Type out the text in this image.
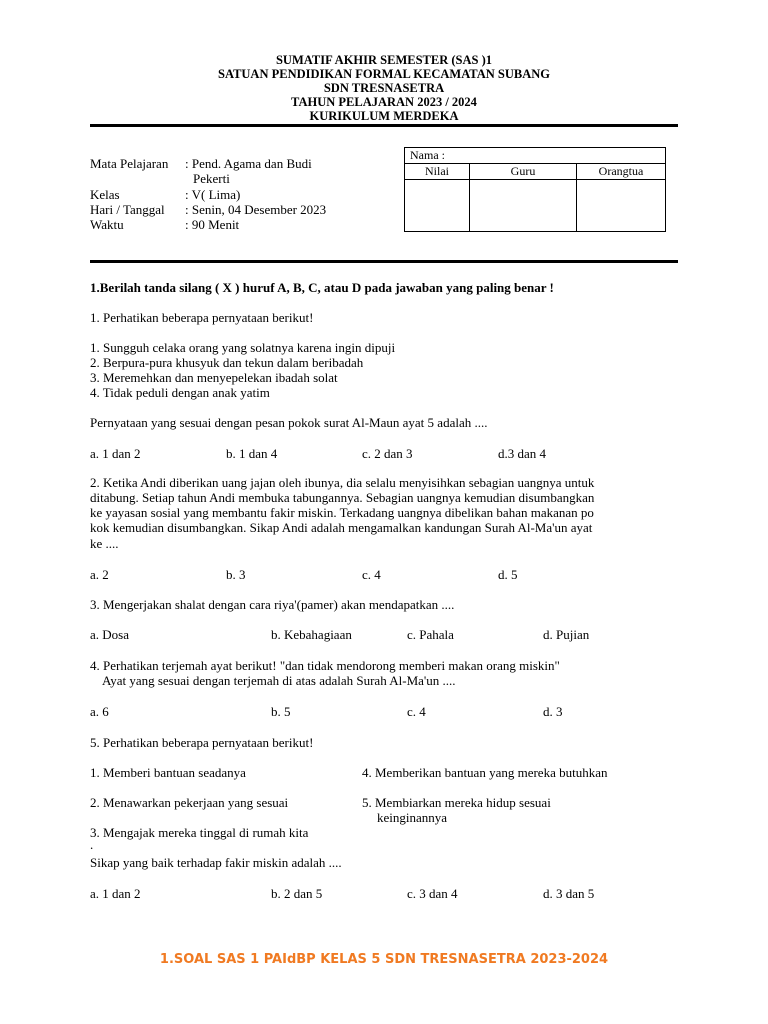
SUMATIF AKHIR SEMESTER (SAS )1
SATUAN PENDIDIKAN FORMAL KECAMATAN SUBANG
SDN TRESNASETRA
TAHUN PELAJARAN 2023 / 2024
KURIKULUM MERDEKA
Mata Pelajaran : Pend. Agama dan Budi
Pekerti
Kelas	: V( Lima)
Hari / Tanggal : Senin, 04 Desember 2023
Waktu	: 90 Menit
Nama :		
Nilai	Guru	Orangtua

1.Berilah tanda silang ( X ) huruf A, B, C, atau D pada jawaban yang paling benar !
1. Perhatikan beberapa pernyataan berikut!
1. Sungguh celaka orang yang solatnya karena ingin dipuji
2. Berpura-pura khusyuk dan tekun dalam beribadah
3. Meremehkan dan menyepelekan ibadah solat
4. Tidak peduli dengan anak yatim
Pernyataan yang sesuai dengan pesan pokok surat Al-Maun ayat 5 adalah ....
a. 1 dan 2	b. 1 dan 4	c. 2 dan 3	d.3 dan 4
2. Ketika Andi diberikan uang jajan oleh ibunya, dia selalu menyisihkan sebagian uangnya untuk
ditabung. Setiap tahun Andi membuka tabungannya. Sebagian uangnya kemudian disumbangkan
ke yayasan sosial yang membantu fakir miskin. Terkadang uangnya dibelikan bahan makanan po
kok kemudian disumbangkan. Sikap Andi adalah mengamalkan kandungan Surah Al-Ma'un ayat
ke ....
a. 2	b. 3	c. 4	d. 5
3. Mengerjakan shalat dengan cara riya'(pamer) akan mendapatkan ....
a. Dosa	b. Kebahagiaan	c. Pahala	d. Pujian
4. Perhatikan terjemah ayat berikut! "dan tidak mendorong memberi makan orang miskin"
Ayat yang sesuai dengan terjemah di atas adalah Surah Al-Ma'un ....
a. 6	b. 5	c. 4	d. 3
5. Perhatikan beberapa pernyataan berikut!
1. Memberi bantuan seadanya	4. Memberikan bantuan yang mereka butuhkan
2. Menawarkan pekerjaan yang sesuai	5. Membiarkan mereka hidup sesuai
keinginannya
3. Mengajak mereka tinggal di rumah kita
.
Sikap yang baik terhadap fakir miskin adalah ....
a. 1 dan 2	b. 2 dan 5	c. 3 dan 4	d. 3 dan 5
1.SOAL SAS 1 PAIdBP KELAS 5 SDN TRESNASETRA 2023-2024
